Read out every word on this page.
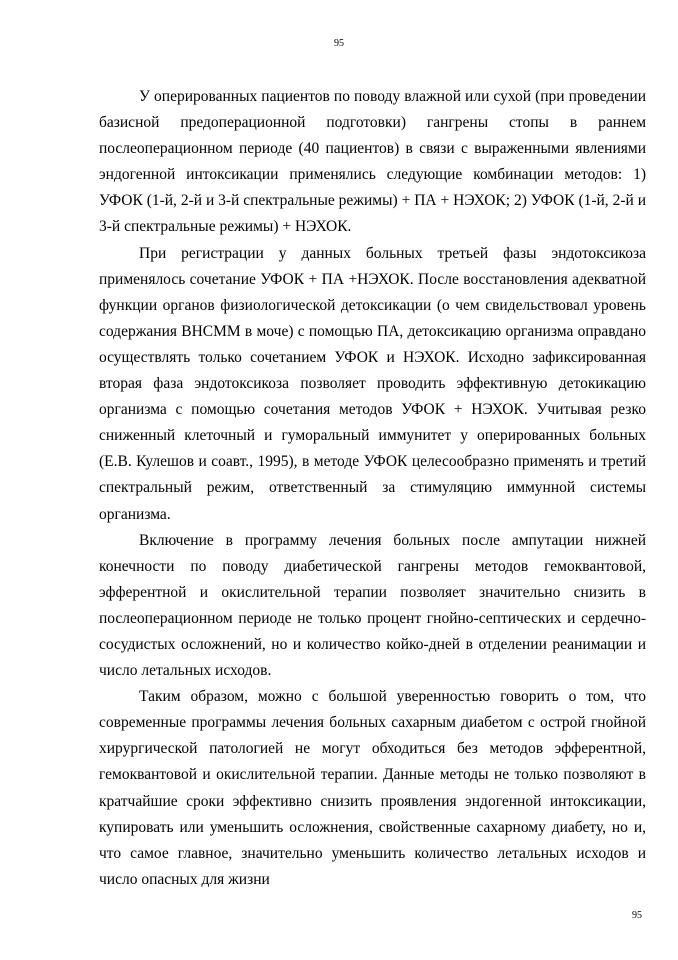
95

У оперированных пациентов по поводу влажной или сухой (при проведении базисной предоперационной подготовки) гангрены стопы в раннем послеоперационном периоде (40 пациентов) в связи с выраженными явлениями эндогенной интоксикации применялись следующие комбинации методов: 1) УФОК (1-й, 2-й и 3-й спектральные режимы) + ПА + НЭХОК; 2) УФОК (1-й, 2-й и 3-й спектральные режимы) + НЭХОК.

При регистрации у данных больных третьей фазы эндотоксикоза применялось сочетание УФОК + ПА +НЭХОК. После восстановления адекватной функции органов физиологической детоксикации (о чем свидельствовал уровень содержания ВНСММ в моче) с помощью ПА, детоксикацию организма оправдано осуществлять только сочетанием УФОК и НЭХОК. Исходно зафиксированная вторая фаза эндотоксикоза позволяет проводить эффективную детокикацию организма с помощью сочетания методов УФОК + НЭХОК. Учитывая резко сниженный клеточный и гуморальный иммунитет у оперированных больных (Е.В. Кулешов и соавт., 1995), в методе УФОК целесообразно применять и третий спектральный режим, ответственный за стимуляцию иммунной системы организма.

Включение в программу лечения больных после ампутации нижней конечности по поводу диабетической гангрены методов гемоквантовой, эфферентной и окислительной терапии позволяет значительно снизить в послеоперационном периоде не только процент гнойно-септических и сердечно-сосудистых осложнений, но и количество койко-дней в отделении реанимации и число летальных исходов.

Таким образом, можно с большой уверенностью говорить о том, что современные программы лечения больных сахарным диабетом с острой гнойной хирургической патологией не могут обходиться без методов эфферентной, гемоквантовой и окислительной терапии. Данные методы не только позволяют в кратчайшие сроки эффективно снизить проявления эндогенной интоксикации, купировать или уменьшить осложнения, свойственные сахарному диабету, но и, что самое главное, значительно уменьшить количество летальных исходов и число опасных для жизни

95
